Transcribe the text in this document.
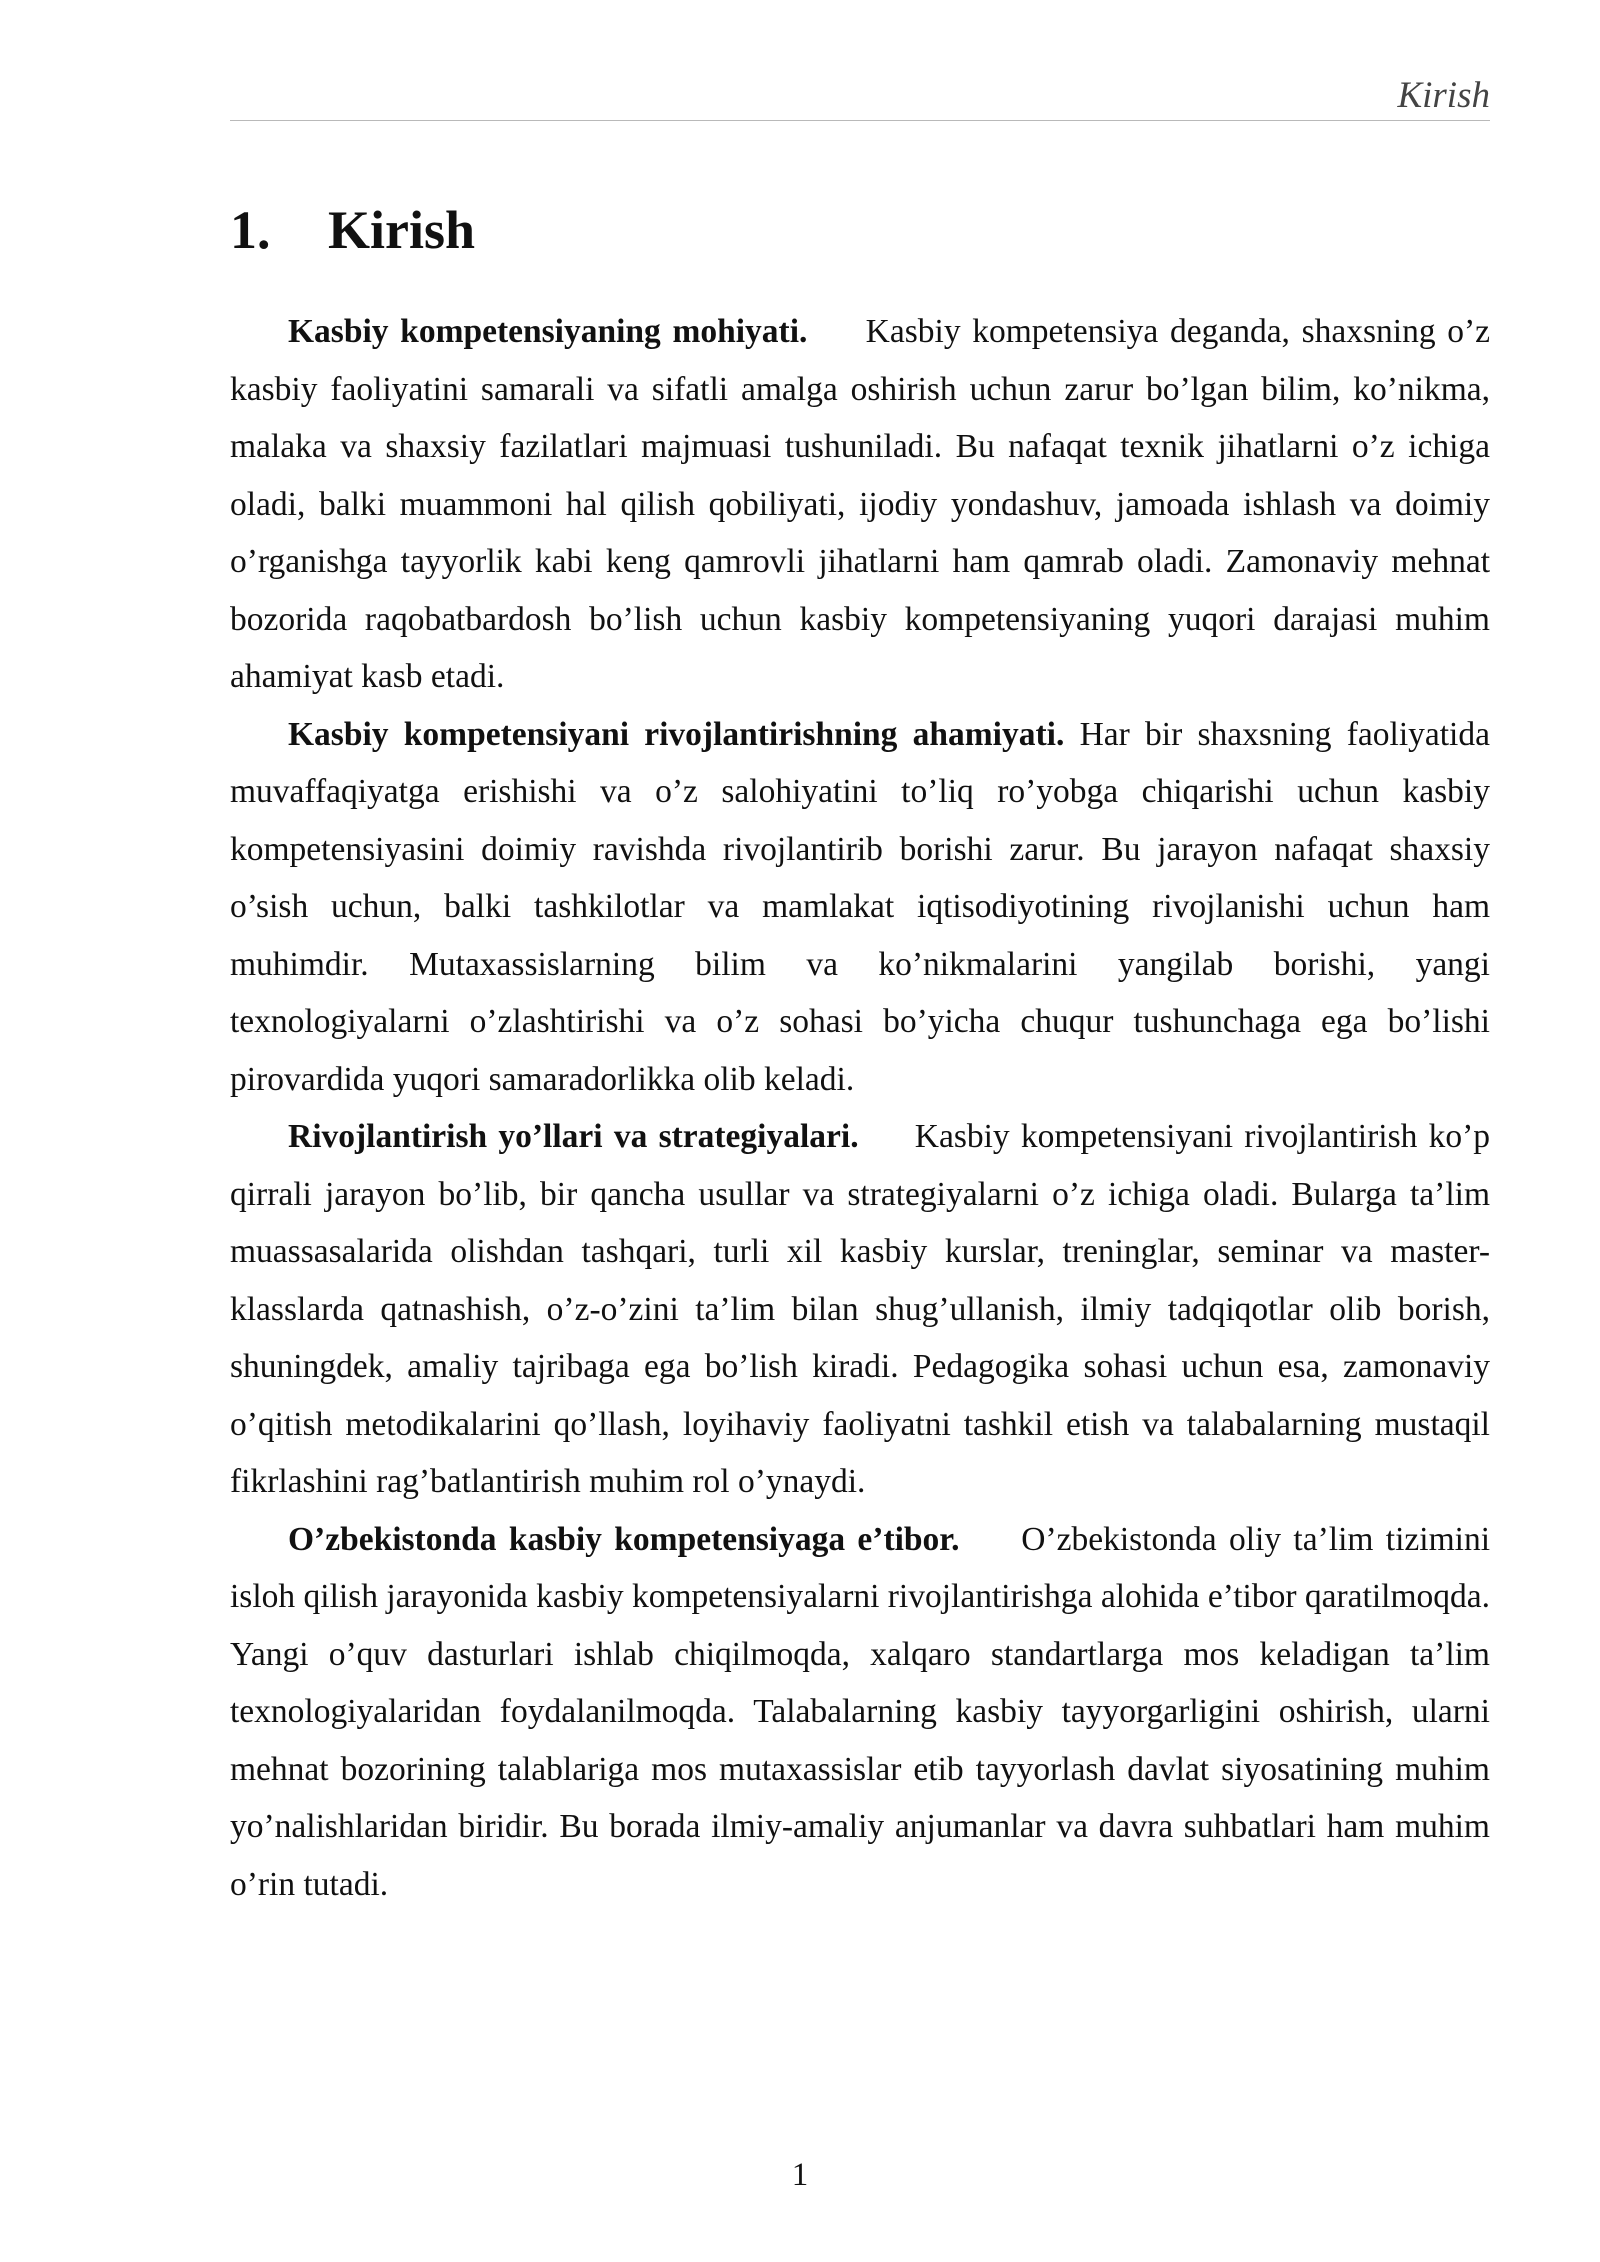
Kirish
1. Kirish

Kasbiy kompetensiyaning mohiyati. Kasbiy kompetensiya deganda, shaxsning o’z kasbiy faoliyatini samarali va sifatli amalga oshirish uchun zarur bo’lgan bilim, ko’nikma, malaka va shaxsiy fazilatlari majmuasi tushuniladi. Bu nafaqat texnik jihatlarni o’z ichiga oladi, balki muammoni hal qilish qobiliyati, ijodiy yondashuv, jamoada ishlash va doimiy o’rganishga tayyorlik kabi keng qamrovli jihatlarni ham qamrab oladi. Zamonaviy mehnat bozorida raqobatbardosh bo’lish uchun kasbiy kompetensiyaning yuqori darajasi muhim ahamiyat kasb etadi.

Kasbiy kompetensiyani rivojlantirishning ahamiyati. Har bir shaxsning faoliyatida muvaffaqiyatga erishishi va o’z salohiyatini to’liq ro’yobga chiqarishi uchun kasbiy kompetensiyasini doimiy ravishda rivojlantirib borishi zarur. Bu jarayon nafaqat shaxsiy o’sish uchun, balki tashkilotlar va mamlakat iqtisodiyotining rivojlanishi uchun ham muhimdir. Mutaxassislarning bilim va ko’nikmalarini yangilab borishi, yangi texnologiyalarni o’zlashtirishi va o’z sohasi bo’yicha chuqur tushunchaga ega bo’lishi pirovardida yuqori samaradorlikka olib keladi.

Rivojlantirish yo’llari va strategiyalari. Kasbiy kompetensiyani rivojlantirish ko’p qirrali jarayon bo’lib, bir qancha usullar va strategiyalarni o’z ichiga oladi. Bularga ta’lim muassasalarida olishdan tashqari, turli xil kasbiy kurslar, treninglar, seminar va master-klasslarda qatnashish, o’z-o’zini ta’lim bilan shug’ullanish, ilmiy tadqiqotlar olib borish, shuningdek, amaliy tajribaga ega bo’lish kiradi. Pedagogika sohasi uchun esa, zamonaviy o’qitish metodikalarini qo’llash, loyihaviy faoliyatni tashkil etish va talabalarning mustaqil fikrlashini rag’batlantirish muhim rol o’ynaydi.

O’zbekistonda kasbiy kompetensiyaga e’tibor. O’zbekistonda oliy ta’lim tizimini isloh qilish jarayonida kasbiy kompetensiyalarni rivojlantirishga alohida e’tibor qaratilmoqda. Yangi o’quv dasturlari ishlab chiqilmoqda, xalqaro standartlarga mos keladigan ta’lim texnologiyalaridan foydalanilmoqda. Talabalarning kasbiy tayyorgarligini oshirish, ularni mehnat bozorining talablariga mos mutaxassislar etib tayyorlash davlat siyosatining muhim yo’nalishlaridan biridir. Bu borada ilmiy-amaliy anjumanlar va davra suhbatlari ham muhim o’rin tutadi.

1
